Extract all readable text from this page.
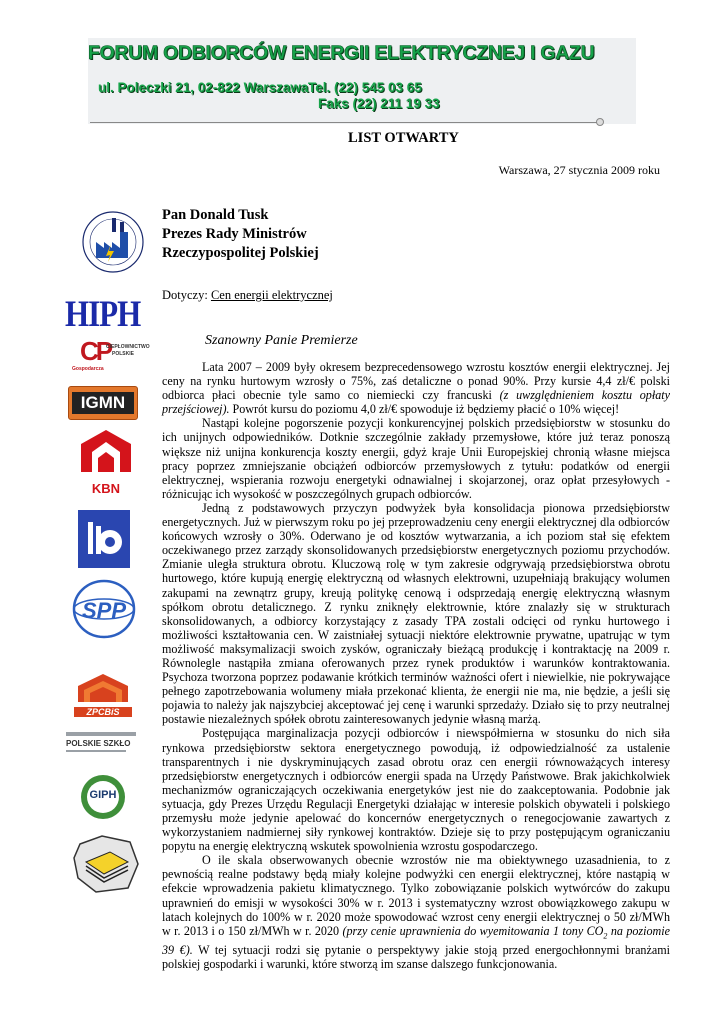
FORUM ODBIORCÓW ENERGII ELEKTRYCZNEJ I GAZU
ul. Poleczki 21, 02-822 Warszawa Tel. (22) 545 03 65
Faks (22) 211 19 33
LIST OTWARTY
Warszawa, 27 stycznia 2009 roku
Pan Donald Tusk
Prezes Rady Ministrów
Rzeczypospolitej Polskiej
Dotyczy: Cen energii elektrycznej
Szanowny Panie Premierze

Lata 2007 – 2009 były okresem bezprecedensowego wzrostu kosztów energii elektrycznej. Jej ceny na rynku hurtowym wzrosły o 75%, zaś detaliczne o ponad 90%. Przy kursie 4,4 zł/€ polski odbiorca płaci obecnie tyle samo co niemiecki czy francuski (z uwzględnieniem kosztu opłaty przejściowej). Powrót kursu do poziomu 4,0 zł/€ spowoduje iż będziemy płacić o 10% więcej!

Nastąpi kolejne pogorszenie pozycji konkurencyjnej polskich przedsiębiorstw w stosunku do ich unijnych odpowiedników. Dotknie szczególnie zakłady przemysłowe, które już teraz ponoszą większe niż unijna konkurencja koszty energii, gdyż kraje Unii Europejskiej chronią własne miejsca pracy poprzez zmniejszanie obciążeń odbiorców przemysłowych z tytułu: podatków od energii elektrycznej, wspierania rozwoju energetyki odnawialnej i skojarzonej, oraz opłat przesyłowych - różnicując ich wysokość w poszczególnych grupach odbiorców.

Jedną z podstawowych przyczyn podwyżek była konsolidacja pionowa przedsiębiorstw energetycznych. Już w pierwszym roku po jej przeprowadzeniu ceny energii elektrycznej dla odbiorców końcowych wzrosły o 30%. Oderwano je od kosztów wytwarzania, a ich poziom stał się efektem oczekiwanego przez zarządy skonsolidowanych przedsiębiorstw energetycznych poziomu przychodów. Zmianie uległa struktura obrotu. Kluczową rolę w tym zakresie odgrywają przedsiębiorstwa obrotu hurtowego, które kupują energię elektryczną od własnych elektrowni, uzupełniają brakujący wolumen zakupami na zewnątrz grupy, kreują politykę cenową i odsprzedają energię elektryczną własnym spółkom obrotu detalicznego. Z rynku zniknęły elektrownie, które znalazły się w strukturach skonsolidowanych, a odbiorcy korzystający z zasady TPA zostali odcięci od rynku hurtowego i możliwości kształtowania cen. W zaistniałej sytuacji niektóre elektrownie prywatne, upatrując w tym możliwość maksymalizacji swoich zysków, ograniczały bieżącą produkcję i kontraktację na 2009 r. Równolegle nastąpiła zmiana oferowanych przez rynek produktów i warunków kontraktowania. Psychoza tworzona poprzez podawanie krótkich terminów ważności ofert i niewielkie, nie pokrywające pełnego zapotrzebowania wolumeny miała przekonać klienta, że energii nie ma, nie będzie, a jeśli się pojawia to należy jak najszybciej akceptować jej cenę i warunki sprzedaży. Działo się to przy neutralnej postawie niezależnych spółek obrotu zainteresowanych jedynie własną marżą.

Postępująca marginalizacja pozycji odbiorców i niewspółmierna w stosunku do nich siła rynkowa przedsiębiorstw sektora energetycznego powodują, iż odpowiedzialność za ustalenie transparentnych i nie dyskryminujących zasad obrotu oraz cen energii równoważących interesy przedsiębiorstw energetycznych i odbiorców energii spada na Urzędy Państwowe. Brak jakichkolwiek mechanizmów ograniczających oczekiwania energetyków jest nie do zaakceptowania. Podobnie jak sytuacja, gdy Prezes Urzędu Regulacji Energetyki działając w interesie polskich obywateli i polskiego przemysłu może jedynie apelować do koncernów energetycznych o renegocjowanie zawartych z wykorzystaniem nadmiernej siły rynkowej kontraktów. Dzieje się to przy postępującym ograniczaniu popytu na energię elektryczną wskutek spowolnienia wzrostu gospodarczego.

O ile skala obserwowanych obecnie wzrostów nie ma obiektywnego uzasadnienia, to z pewnością realne podstawy będą miały kolejne podwyżki cen energii elektrycznej, które nastąpią w efekcie wprowadzenia pakietu klimatycznego. Tylko zobowiązanie polskich wytwórców do zakupu uprawnień do emisji w wysokości 30% w r. 2013 i systematyczny wzrost obowiązkowego zakupu w latach kolejnych do 100% w r. 2020 może spowodować wzrost ceny energii elektrycznej o 50 zł/MWh w r. 2013 i o 150 zł/MWh w r. 2020 (przy cenie uprawnienia do wyemitowania 1 tony $CO_2$ na poziomie 39 €). W tej sytuacji rodzi się pytanie o perspektywy jakie stoją przed energochłonnymi branżami polskiej gospodarki i warunki, które stworzą im szanse dalszego funkcjonowania.

HIPH
CP
CIEPŁOWNICTWO
POLSKIE
Gospodarcza
IGMN
KBN
SPP
ZPCBiS
POLSKIE SZKŁO
GIPH
